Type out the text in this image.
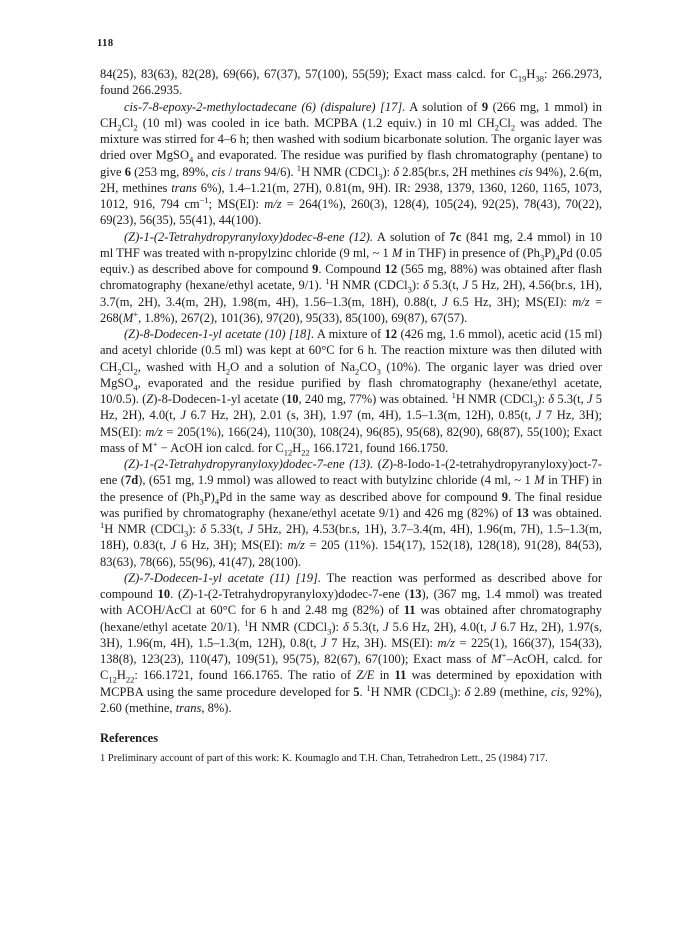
118

84(25), 83(63), 82(28), 69(66), 67(37), 57(100), 55(59); Exact mass calcd. for $C_{19}H_{38}$: 266.2973, found 266.2935.

cis-7-8-epoxy-2-methyloctadecane (6) (dispalure) [17]. A solution of 9 (266 mg, 1 mmol) in $CH_2Cl_2$ (10 ml) was cooled in ice bath. MCPBA (1.2 equiv.) in 10 ml $CH_2Cl_2$ was added. The mixture was stirred for 4–6 h; then washed with sodium bicarbonate solution. The organic layer was dried over MgSO$_4$ and evaporated. The residue was purified by flash chromatography (pentane) to give 6 (253 mg, 89%, cis / trans 94/6). $^1$H NMR (CDCl$_3$): δ 2.85(br.s, 2H methines cis 94%), 2.6(m, 2H, methines trans 6%), 1.4–1.21(m, 27H), 0.81(m, 9H). IR: 2938, 1379, 1360, 1260, 1165, 1073, 1012, 916, 794 $cm^{-1}$; MS(EI): m/z = 264(1%), 260(3), 128(4), 105(24), 92(25), 78(43), 70(22), 69(23), 56(35), 55(41), 44(100).

(Z)-1-(2-Tetrahydropyranyloxy)dodec-8-ene (12). A solution of 7c (841 mg, 2.4 mmol) in 10 ml THF was treated with n-propylzinc chloride (9 ml, ~ 1 M in THF) in presence of $(Ph_3P)_4Pd$ (0.05 equiv.) as described above for compound 9. Compound 12 (565 mg, 88%) was obtained after flash chromatography (hexane/ethyl acetate, 9/1). $^1$H NMR (CDCl$_3$): δ 5.3(t, J 5 Hz, 2H), 4.56(br.s, 1H), 3.7(m, 2H), 3.4(m, 2H), 1.98(m, 4H), 1.56–1.3(m, 18H), 0.88(t, J 6.5 Hz, 3H); MS(EI): m/z = 268(M+, 1.8%), 267(2), 101(36), 97(20), 95(33), 85(100), 69(87), 67(57).

(Z)-8-Dodecen-1-yl acetate (10) [18]. A mixture of 12 (426 mg, 1.6 mmol), acetic acid (15 ml) and acetyl chloride (0.5 ml) was kept at 60°C for 6 h. The reaction mixture was then diluted with $CH_2Cl_2$, washed with $H_2O$ and a solution of $Na_2CO_3$ (10%). The organic layer was dried over MgSO$_4$, evaporated and the residue purified by flash chromatography (hexane/ethyl acetate, 10/0.5). (Z)-8-Dodecen-1-yl acetate (10, 240 mg, 77%) was obtained. $^1$H NMR (CDCl$_3$): δ 5.3(t, J 5 Hz, 2H), 4.0(t, J 6.7 Hz, 2H), 2.01 (s, 3H), 1.97 (m, 4H), 1.5–1.3(m, 12H), 0.85(t, J 7 Hz, 3H); MS(EI): m/z = 205(1%), 166(24), 110(30), 108(24), 96(85), 95(68), 82(90), 68(87), 55(100); Exact mass of M+ − AcOH ion calcd. for $C_{12}H_{22}$ 166.1721, found 166.1750.

(Z)-1-(2-Tetrahydropyranyloxy)dodec-7-ene (13). (Z)-8-Iodo-1-(2-tetrahydropyranyloxy)oct-7-ene (7d), (651 mg, 1.9 mmol) was allowed to react with butylzinc chloride (4 ml, ~ 1 M in THF) in the presence of $(Ph_3P)_4Pd$ in the same way as described above for compound 9. The final residue was purified by chromatography (hexane/ethyl acetate 9/1) and 426 mg (82%) of 13 was obtained. $^1$H NMR (CDCl$_3$): δ 5.33(t, J 5Hz, 2H), 4.53(br.s, 1H), 3.7–3.4(m, 4H), 1.96(m, 7H), 1.5–1.3(m, 18H), 0.83(t, J 6 Hz, 3H); MS(EI): m/z = 205 (11%). 154(17), 152(18), 128(18), 91(28), 84(53), 83(63), 78(66), 55(96), 41(47), 28(100).

(Z)-7-Dodecen-1-yl acetate (11) [19]. The reaction was performed as described above for compound 10. (Z)-1-(2-Tetrahydropyranyloxy)dodec-7-ene (13), (367 mg, 1.4 mmol) was treated with ACOH/AcCl at 60°C for 6 h and 2.48 mg (82%) of 11 was obtained after chromatography (hexane/ethyl acetate 20/1). $^1$H NMR (CDCl$_3$): δ 5.3(t, J 5.6 Hz, 2H), 4.0(t, J 6.7 Hz, 2H), 1.97(s, 3H), 1.96(m, 4H), 1.5–1.3(m, 12H), 0.8(t, J 7 Hz, 3H). MS(EI): m/z = 225(1), 166(37), 154(33), 138(8), 123(23), 110(47), 109(51), 95(75), 82(67), 67(100); Exact mass of M+–AcOH, calcd. for $C_{12}H_{22}$: 166.1721, found 166.1765. The ratio of Z/E in 11 was determined by epoxidation with MCPBA using the same procedure developed for 5. $^1$H NMR (CDCl$_3$): δ 2.89 (methine, cis, 92%), 2.60 (methine, trans, 8%).

References

1 Preliminary account of part of this work: K. Koumaglo and T.H. Chan, Tetrahedron Lett., 25 (1984) 717.
